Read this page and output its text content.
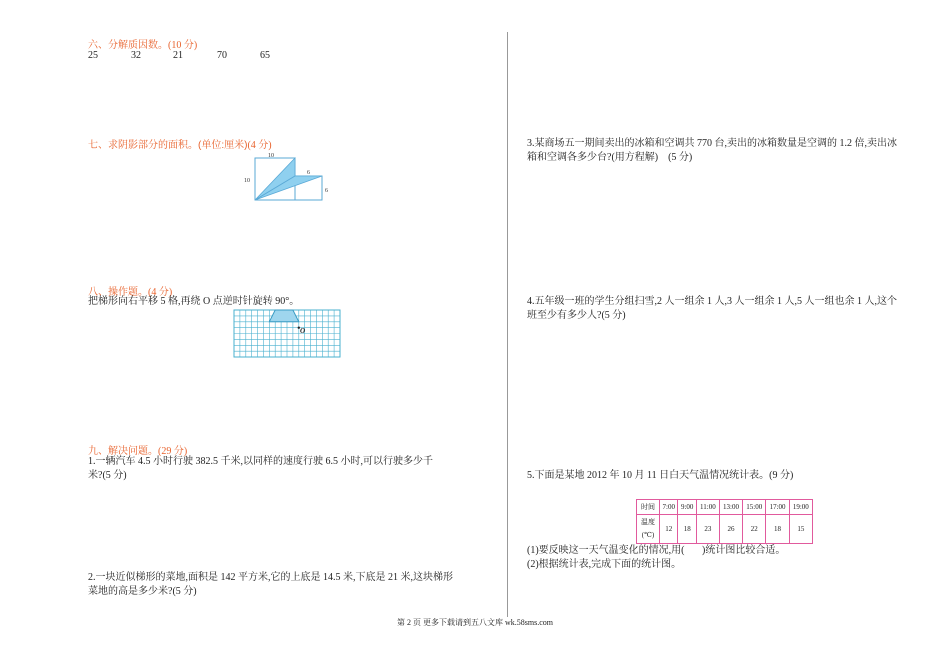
六、分解质因数。(10 分)
25	32	21	70	65
七、求阴影部分的面积。(单位:厘米)(4 分)
10
10
6
6
八、操作题。(4 分)
把梯形向右平移 5 格,再绕 O 点逆时针旋转 90°。
O
九、解决问题。(29 分)
1.一辆汽车 4.5 小时行驶 382.5 千米,以同样的速度行驶 6.5 小时,可以行驶多少千
米?(5 分)
2.一块近似梯形的菜地,面积是 142 平方米,它的上底是 14.5 米,下底是 21 米,这块梯形
菜地的高是多少米?(5 分)
3.某商场五一期间卖出的冰箱和空调共 770 台,卖出的冰箱数量是空调的 1.2 倍,卖出冰
箱和空调各多少台?(用方程解)    (5 分)
4.五年级一班的学生分组扫雪,2 人一组余 1 人,3 人一组余 1 人,5 人一组也余 1 人,这个
班至少有多少人?(5 分)
5.下面是某地 2012 年 10 月 11 日白天气温情况统计表。(9 分)
时间	7:00	9:00	11:00	13:00	15:00	17:00	19:00
温度
(℃)	12	18	23	26	22	18	15
(1)要反映这一天气温变化的情况,用(       )统计图比较合适。
(2)根据统计表,完成下面的统计图。
第 2 页 更多下载请到五八文库 wk.58sms.com
